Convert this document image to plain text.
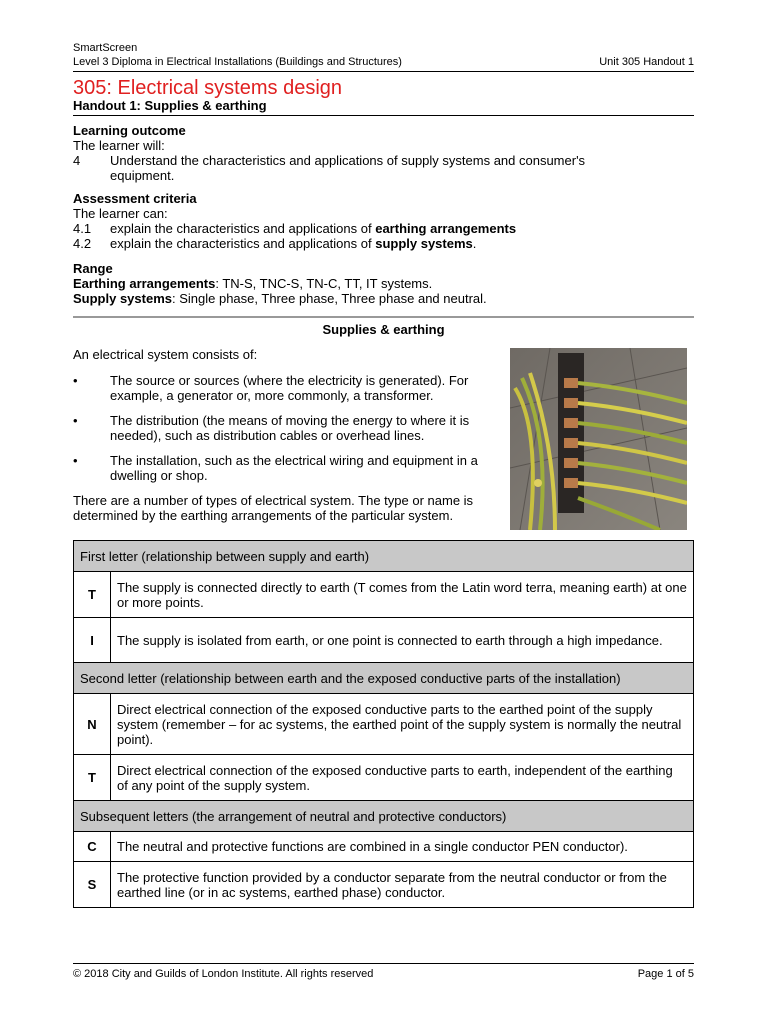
SmartScreen
Level 3 Diploma in Electrical Installations (Buildings and Structures)	Unit 305 Handout 1
305: Electrical systems design
Handout 1: Supplies & earthing
Learning outcome
The learner will:
4	Understand the characteristics and applications of supply systems and consumer's equipment.
Assessment criteria
The learner can:
4.1	explain the characteristics and applications of earthing arrangements
4.2	explain the characteristics and applications of supply systems.
Range
Earthing arrangements: TN-S, TNC-S, TN-C, TT, IT systems.
Supply systems: Single phase, Three phase, Three phase and neutral.
Supplies & earthing
An electrical system consists of:
•	The source or sources (where the electricity is generated). For example, a generator or, more commonly, a transformer.
•	The distribution (the means of moving the energy to where it is needed), such as distribution cables or overhead lines.
•	The installation, such as the electrical wiring and equipment in a dwelling or shop.
There are a number of types of electrical system. The type or name is determined by the earthing arrangements of the particular system.
First letter (relationship between supply and earth)	
T	The supply is connected directly to earth (T comes from the Latin word terra, meaning earth) at one or more points.
I	The supply is isolated from earth, or one point is connected to earth through a high impedance.
Second letter (relationship between earth and the exposed conductive parts of the installation)	
N	Direct electrical connection of the exposed conductive parts to the earthed point of the supply system (remember – for ac systems, the earthed point of the supply system is normally the neutral point).
T	Direct electrical connection of the exposed conductive parts to earth, independent of the earthing of any point of the supply system.
Subsequent letters (the arrangement of neutral and protective conductors)	
C	The neutral and protective functions are combined in a single conductor PEN conductor).
S	The protective function provided by a conductor separate from the neutral conductor or from the earthed line (or in ac systems, earthed phase) conductor.
© 2018 City and Guilds of London Institute. All rights reserved	Page 1 of 5
